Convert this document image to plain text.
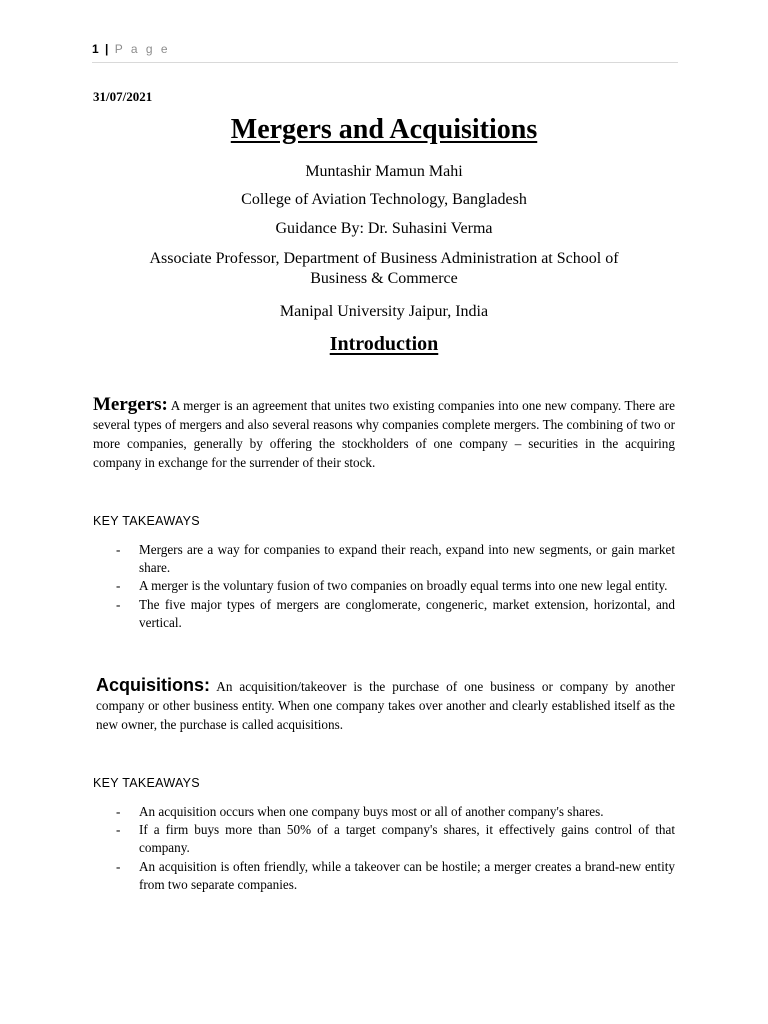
1 | P a g e
31/07/2021
Mergers and Acquisitions
Muntashir Mamun Mahi
College of Aviation Technology, Bangladesh
Guidance By: Dr. Suhasini Verma
Associate Professor, Department of Business Administration at School of
Business & Commerce
Manipal University Jaipur, India
Introduction
Mergers: A merger is an agreement that unites two existing companies into one new company. There are several types of mergers and also several reasons why companies complete mergers. The combining of two or more companies, generally by offering the stockholders of one company – securities in the acquiring company in exchange for the surrender of their stock.
KEY TAKEAWAYS
- Mergers are a way for companies to expand their reach, expand into new segments, or gain market share.
- A merger is the voluntary fusion of two companies on broadly equal terms into one new legal entity.
- The five major types of mergers are conglomerate, congeneric, market extension, horizontal, and vertical.
Acquisitions: An acquisition/takeover is the purchase of one business or company by another company or other business entity. When one company takes over another and clearly established itself as the new owner, the purchase is called acquisitions.
KEY TAKEAWAYS
- An acquisition occurs when one company buys most or all of another company's shares.
- If a firm buys more than 50% of a target company's shares, it effectively gains control of that company.
- An acquisition is often friendly, while a takeover can be hostile; a merger creates a brand-new entity from two separate companies.
